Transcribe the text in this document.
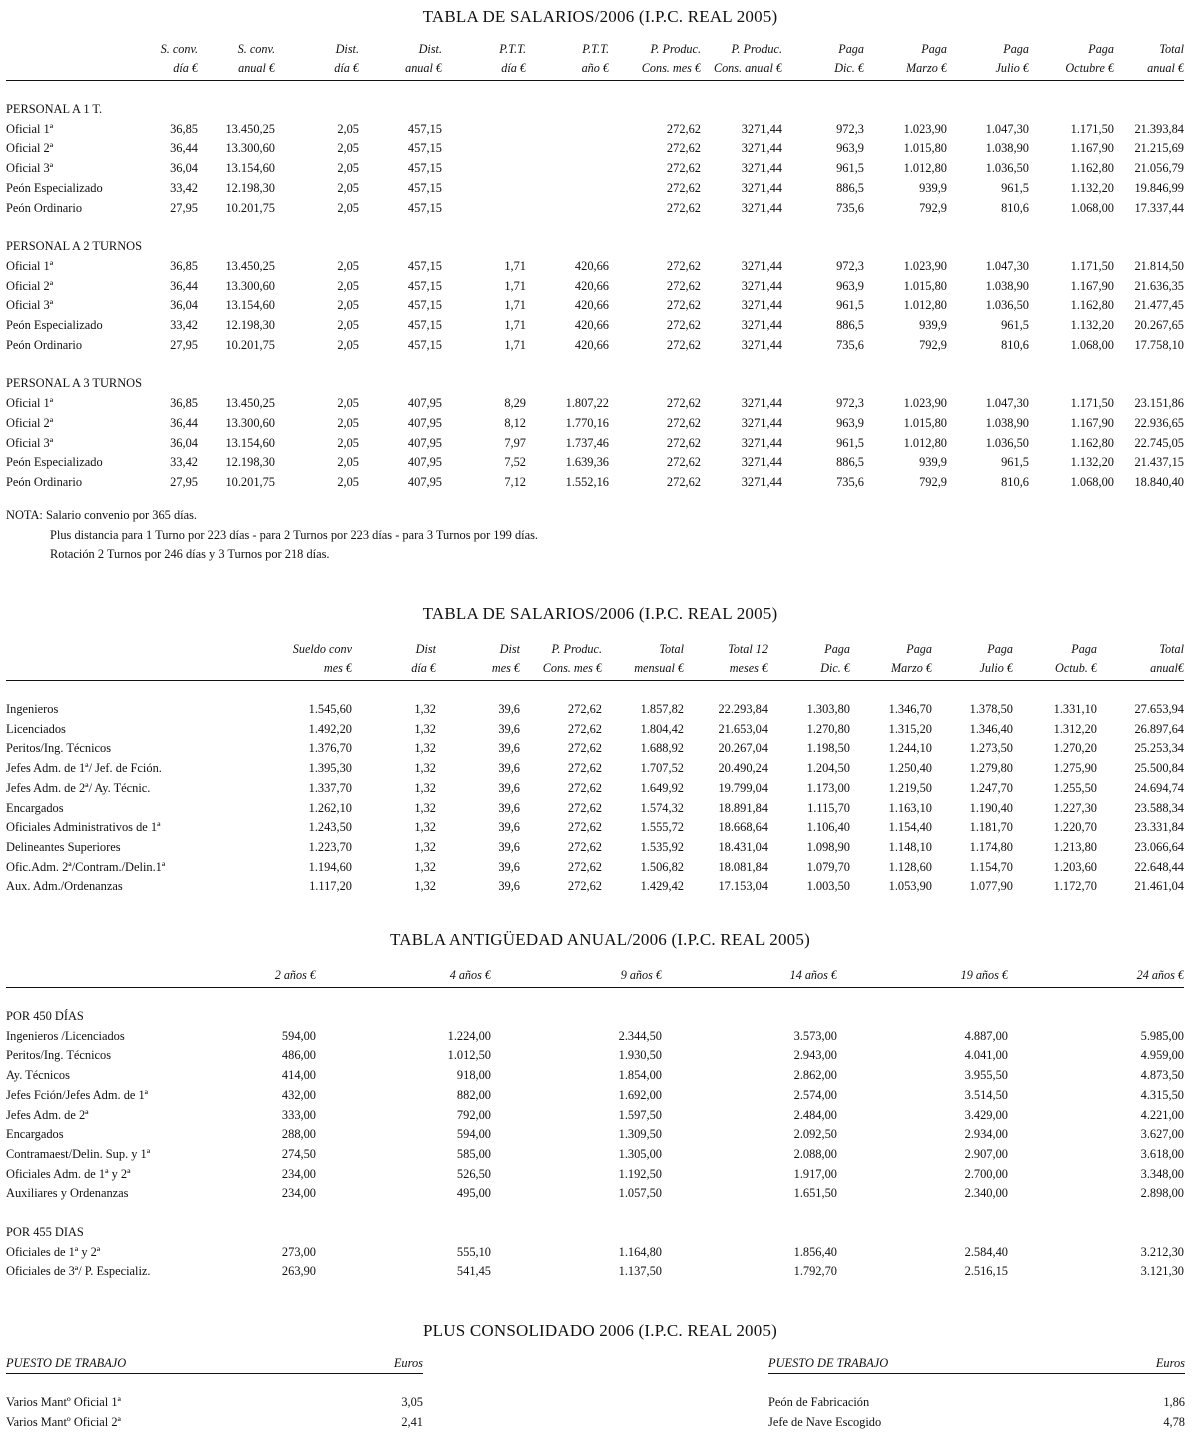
TABLA DE SALARIOS/2006 (I.P.C. REAL 2005)
	S. conv.	S. conv.	Dist.	Dist.	P.T.T.	P.T.T.	P. Produc.	P. Produc.	Paga	Paga	Paga	Paga	Total
	día €	anual €	día €	anual €	día €	año €	Cons. mes €	Cons. anual €	Dic. €	Marzo €	Julio €	Octubre €	anual €

PERSONAL A 1 T.													
Oficial 1ª	36,85	13.450,25	2,05	457,15			272,62	3271,44	972,3	1.023,90	1.047,30	1.171,50	21.393,84
Oficial 2ª	36,44	13.300,60	2,05	457,15			272,62	3271,44	963,9	1.015,80	1.038,90	1.167,90	21.215,69
Oficial 3ª	36,04	13.154,60	2,05	457,15			272,62	3271,44	961,5	1.012,80	1.036,50	1.162,80	21.056,79
Peón Especializado	33,42	12.198,30	2,05	457,15			272,62	3271,44	886,5	939,9	961,5	1.132,20	19.846,99
Peón Ordinario	27,95	10.201,75	2,05	457,15			272,62	3271,44	735,6	792,9	810,6	1.068,00	17.337,44

PERSONAL A 2 TURNOS													
Oficial 1ª	36,85	13.450,25	2,05	457,15	1,71	420,66	272,62	3271,44	972,3	1.023,90	1.047,30	1.171,50	21.814,50
Oficial 2ª	36,44	13.300,60	2,05	457,15	1,71	420,66	272,62	3271,44	963,9	1.015,80	1.038,90	1.167,90	21.636,35
Oficial 3ª	36,04	13.154,60	2,05	457,15	1,71	420,66	272,62	3271,44	961,5	1.012,80	1.036,50	1.162,80	21.477,45
Peón Especializado	33,42	12.198,30	2,05	457,15	1,71	420,66	272,62	3271,44	886,5	939,9	961,5	1.132,20	20.267,65
Peón Ordinario	27,95	10.201,75	2,05	457,15	1,71	420,66	272,62	3271,44	735,6	792,9	810,6	1.068,00	17.758,10

PERSONAL A 3 TURNOS													
Oficial 1ª	36,85	13.450,25	2,05	407,95	8,29	1.807,22	272,62	3271,44	972,3	1.023,90	1.047,30	1.171,50	23.151,86
Oficial 2ª	36,44	13.300,60	2,05	407,95	8,12	1.770,16	272,62	3271,44	963,9	1.015,80	1.038,90	1.167,90	22.936,65
Oficial 3ª	36,04	13.154,60	2,05	407,95	7,97	1.737,46	272,62	3271,44	961,5	1.012,80	1.036,50	1.162,80	22.745,05
Peón Especializado	33,42	12.198,30	2,05	407,95	7,52	1.639,36	272,62	3271,44	886,5	939,9	961,5	1.132,20	21.437,15
Peón Ordinario	27,95	10.201,75	2,05	407,95	7,12	1.552,16	272,62	3271,44	735,6	792,9	810,6	1.068,00	18.840,40
NOTA: Salario convenio por 365 días.
Plus distancia para 1 Turno por 223 días - para 2 Turnos por 223 días - para 3 Turnos por 199 días.
Rotación 2 Turnos por 246 días y 3 Turnos por 218 días.
TABLA DE SALARIOS/2006 (I.P.C. REAL 2005)
	Sueldo conv	Dist	Dist	P. Produc.	Total	Total 12	Paga	Paga	Paga	Paga	Total
	mes €	día €	mes €	Cons. mes €	mensual €	meses €	Dic. €	Marzo €	Julio €	Octub. €	anual€

Ingenieros	1.545,60	1,32	39,6	272,62	1.857,82	22.293,84	1.303,80	1.346,70	1.378,50	1.331,10	27.653,94
Licenciados	1.492,20	1,32	39,6	272,62	1.804,42	21.653,04	1.270,80	1.315,20	1.346,40	1.312,20	26.897,64
Peritos/Ing. Técnicos	1.376,70	1,32	39,6	272,62	1.688,92	20.267,04	1.198,50	1.244,10	1.273,50	1.270,20	25.253,34
Jefes Adm. de 1ª/ Jef. de Fción.	1.395,30	1,32	39,6	272,62	1.707,52	20.490,24	1.204,50	1.250,40	1.279,80	1.275,90	25.500,84
Jefes Adm. de 2ª/ Ay. Técnic.	1.337,70	1,32	39,6	272,62	1.649,92	19.799,04	1.173,00	1.219,50	1.247,70	1.255,50	24.694,74
Encargados	1.262,10	1,32	39,6	272,62	1.574,32	18.891,84	1.115,70	1.163,10	1.190,40	1.227,30	23.588,34
Oficiales Administrativos de 1ª	1.243,50	1,32	39,6	272,62	1.555,72	18.668,64	1.106,40	1.154,40	1.181,70	1.220,70	23.331,84
Delineantes Superiores	1.223,70	1,32	39,6	272,62	1.535,92	18.431,04	1.098,90	1.148,10	1.174,80	1.213,80	23.066,64
Ofic.Adm. 2ª/Contram./Delin.1ª	1.194,60	1,32	39,6	272,62	1.506,82	18.081,84	1.079,70	1.128,60	1.154,70	1.203,60	22.648,44
Aux. Adm./Ordenanzas	1.117,20	1,32	39,6	272,62	1.429,42	17.153,04	1.003,50	1.053,90	1.077,90	1.172,70	21.461,04
TABLA ANTIGÜEDAD ANUAL/2006 (I.P.C. REAL 2005)
	2 años €	4 años €	9 años €	14 años €	19 años €	24 años €

POR 450 DÍAS						
Ingenieros /Licenciados	594,00	1.224,00	2.344,50	3.573,00	4.887,00	5.985,00
Peritos/Ing. Técnicos	486,00	1.012,50	1.930,50	2.943,00	4.041,00	4.959,00
Ay. Técnicos	414,00	918,00	1.854,00	2.862,00	3.955,50	4.873,50
Jefes Fción/Jefes Adm. de 1ª	432,00	882,00	1.692,00	2.574,00	3.514,50	4.315,50
Jefes Adm. de 2ª	333,00	792,00	1.597,50	2.484,00	3.429,00	4.221,00
Encargados	288,00	594,00	1.309,50	2.092,50	2.934,00	3.627,00
Contramaest/Delin. Sup. y 1ª	274,50	585,00	1.305,00	2.088,00	2.907,00	3.618,00
Oficiales Adm. de 1ª y 2ª	234,00	526,50	1.192,50	1.917,00	2.700,00	3.348,00
Auxiliares y Ordenanzas	234,00	495,00	1.057,50	1.651,50	2.340,00	2.898,00

POR 455 DIAS						
Oficiales de 1ª y 2ª	273,00	555,10	1.164,80	1.856,40	2.584,40	3.212,30
Oficiales de 3ª/ P. Especializ.	263,90	541,45	1.137,50	1.792,70	2.516,15	3.121,30
PLUS CONSOLIDADO 2006 (I.P.C. REAL 2005)
PUESTO DE TRABAJO	Euros
Varios Mantº Oficial 1ª	3,05
Varios Mantº Oficial 2ª	2,41
PUESTO DE TRABAJO	Euros
Peón de Fabricación	1,86
Jefe de Nave Escogido	4,78
